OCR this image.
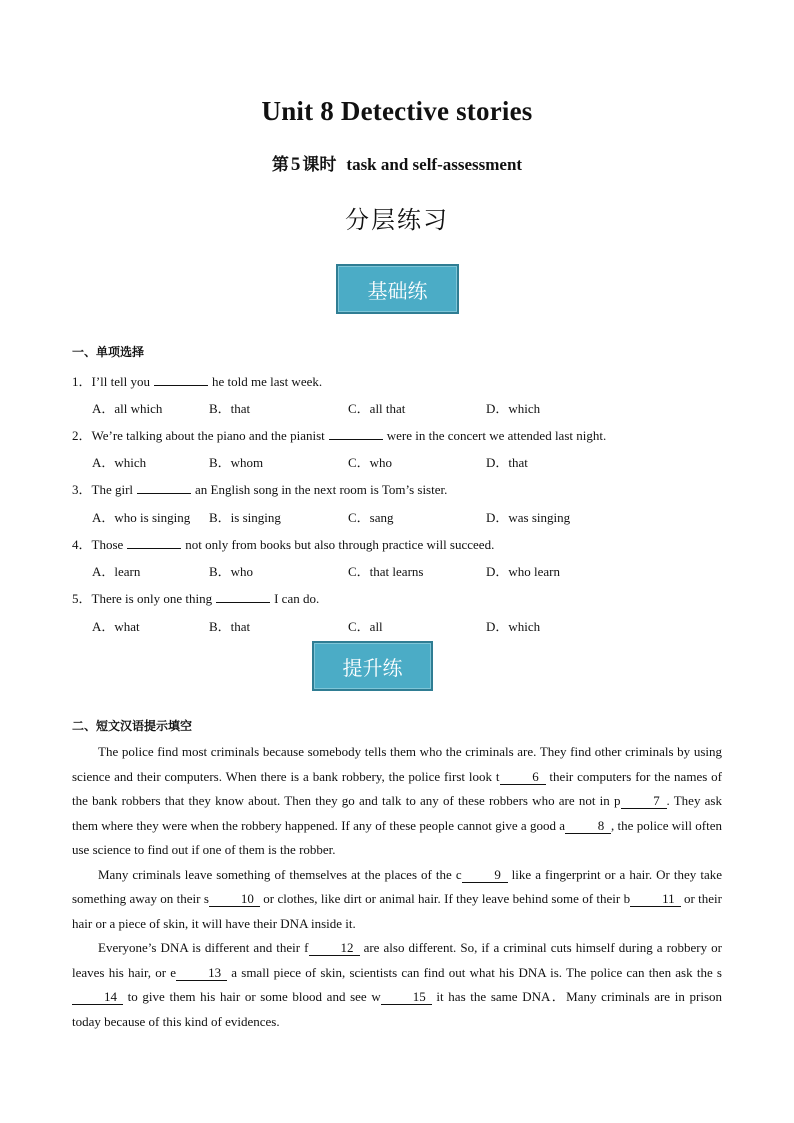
Unit 8 Detective stories
第 5 课时 task and self-assessment
分层练习
基础练
一、单项选择
1．I’ll tell you	he told me last week.
A．all which	B．that	C．all that	D．which
2．We’re talking about the piano and the pianist	were in the concert we attended last night.
A．which	B．whom	C．who	D．that
3．The girl	an English song in the next room is Tom’s sister.
A．who is singing B．is singing	C．sang	D．was singing
4．Those	not only from books but also through practice will succeed.
A．learn	B．who	C．that learns	D．who learn
5．There is only one thing	I can do.
A．what	B．that	C．all	D．which
提升练
二、短文汉语提示填空

The police find most criminals because somebody tells them who the criminals are. They find other criminals by using science and their computers. When there is a bank robbery, the police first look t	6 their computers for the names of the bank robbers that they know about. Then they go and talk to any of these robbers who are not in p	7 . They ask them where they were when the robbery happened. If any of these people cannot give a good a	8 , the police will often use science to find out if one of them is the robber.

Many criminals leave something of themselves at the places of the c	9 like a fingerprint or a hair. Or they take something away on their s 10 or clothes, like dirt or animal hair. If they leave behind some of their b 11 or their hair or a piece of skin, it will have their DNA inside it.

Everyone’s DNA is different and their f 12 are also different. So, if a criminal cuts himself during a robbery or leaves his hair, or e 13 a small piece of skin, scientists can find out what his DNA is. The police can then ask the s14 to give them his hair or some blood and see w 15 it has the same DNA．Many criminals are in prison today because of this kind of evidences.
